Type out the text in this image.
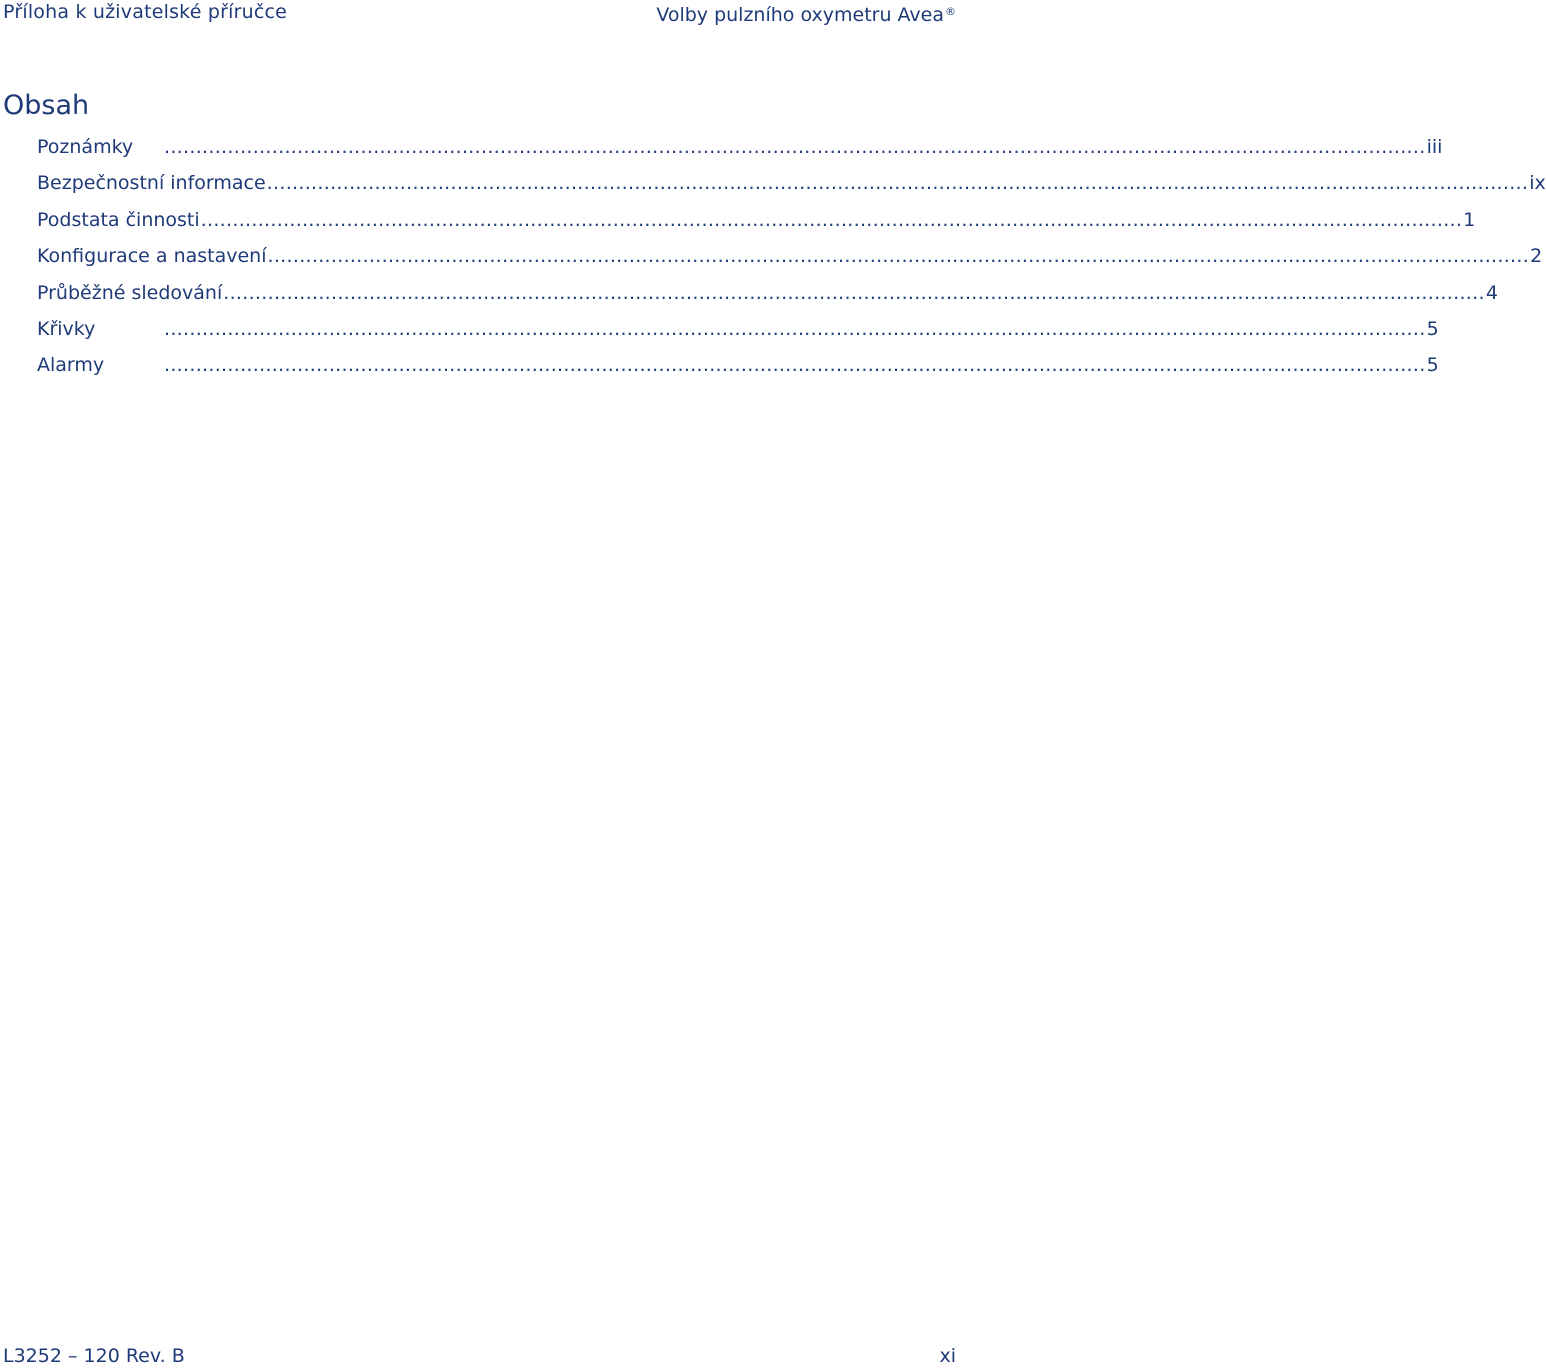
Příloha k uživatelské příručce	Volby pulzního oxymetru Avea®
Obsah
Poznámky	....................................................................................................................................................................................................... iii
Bezpečnostní informace ....................................................................................................................................................................................................... ix
Podstata činnosti ....................................................................................................................................................................................................... 1
Konfigurace a nastavení ....................................................................................................................................................................................................... 2
Průběžné sledování ....................................................................................................................................................................................................... 4
Křivky	....................................................................................................................................................................................................... 5
Alarmy	....................................................................................................................................................................................................... 5
L3252 – 120 Rev. B	xi
